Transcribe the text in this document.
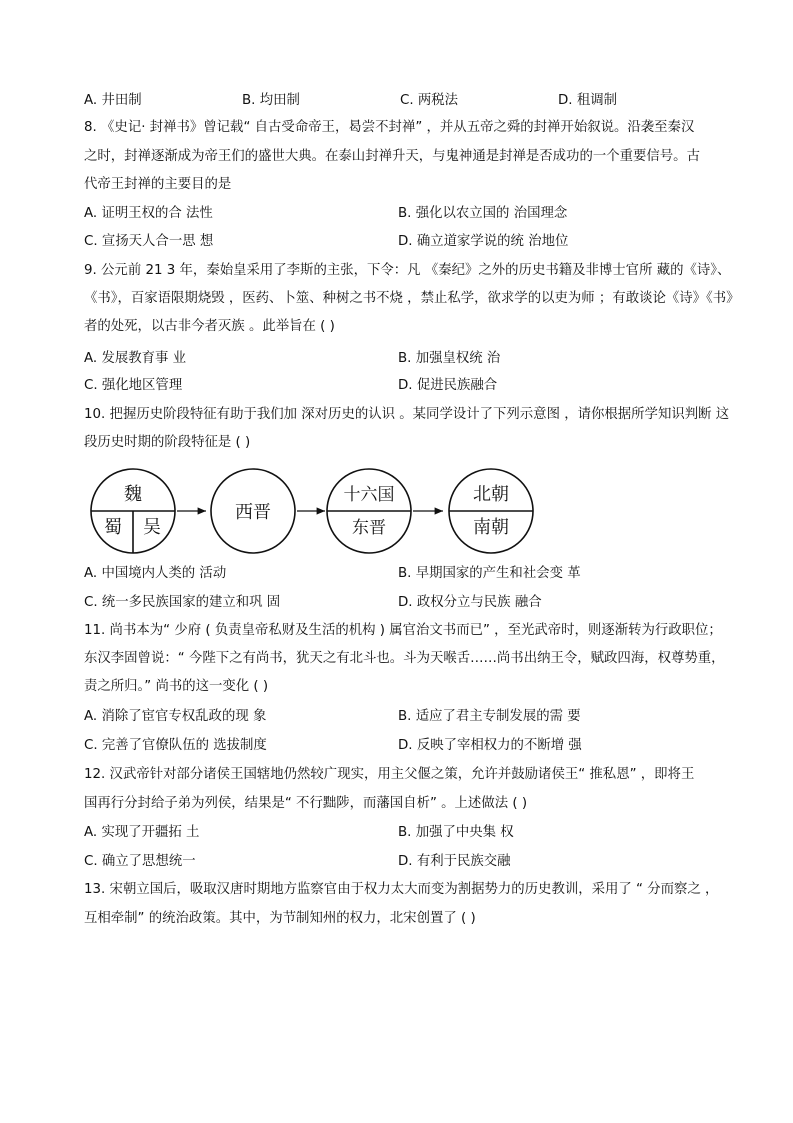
A. 井田制	B. 均田制	C. 两税法	D. 租调制
8. 《史记· 封禅书》曾记载“ 自古受命帝王，曷尝不封禅” ，并从五帝之舜的封禅开始叙说。沿袭至秦汉
之时，封禅逐渐成为帝王们的盛世大典。在泰山封禅升天，与鬼神通是封禅是否成功的一个重要信号。古
代帝王封禅的主要目的是
A. 证明王权的合 法性	B. 强化以农立国的 治国理念
C. 宣扬天人合一思 想	D. 确立道家学说的统 治地位
9. 公元前 21 3 年，秦始皇采用了李斯的主张，下令：凡 《秦纪》之外的历史书籍及非博士官所 藏的《诗》、
《书》，百家语限期烧毁 ，医药、卜筮、种树之书不烧 ，禁止私学，欲求学的以吏为师 ；有敢谈论《诗》《书》
者的处死，以古非今者灭族 。此举旨在 ( )
A. 发展教育事 业	B. 加强皇权统 治
C. 强化地区管理	D. 促进民族融合
10. 把握历史阶段特征有助于我们加 深对历史的认识 。某同学设计了下列示意图 ，请你根据所学知识判断 这
段历史时期的阶段特征是 ( )
魏
蜀 吴
西晋
十六国
东晋
北朝
南朝
A. 中国境内人类的 活动	B. 早期国家的产生和社会变 革
C. 统一多民族国家的建立和巩 固	D. 政权分立与民族 融合
11. 尚书本为“ 少府 ( 负责皇帝私财及生活的机构 ) 属官治文书而已” ，至光武帝时，则逐渐转为行政职位；
东汉李固曾说：“ 今陛下之有尚书，犹天之有北斗也。斗为天喉舌……尚书出纳王令，赋政四海，权尊势重，
责之所归。” 尚书的这一变化 ( )
A. 消除了宦官专权乱政的现 象	B. 适应了君主专制发展的需 要
C. 完善了官僚队伍的 选拔制度	D. 反映了宰相权力的不断增 强
12. 汉武帝针对部分诸侯王国辖地仍然较广现实，用主父偃之策，允许并鼓励诸侯王“ 推私恩” ，即将王
国再行分封给子弟为列侯，结果是“ 不行黜陟，而藩国自析” 。上述做法 ( )
A. 实现了开疆拓 土	B. 加强了中央集 权
C. 确立了思想统一	D. 有利于民族交融
13. 宋朝立国后，吸取汉唐时期地方监察官由于权力太大而变为割据势力的历史教训，采用了 “ 分而察之 ，
互相牵制” 的统治政策。其中，为节制知州的权力，北宋创置了 ( )
